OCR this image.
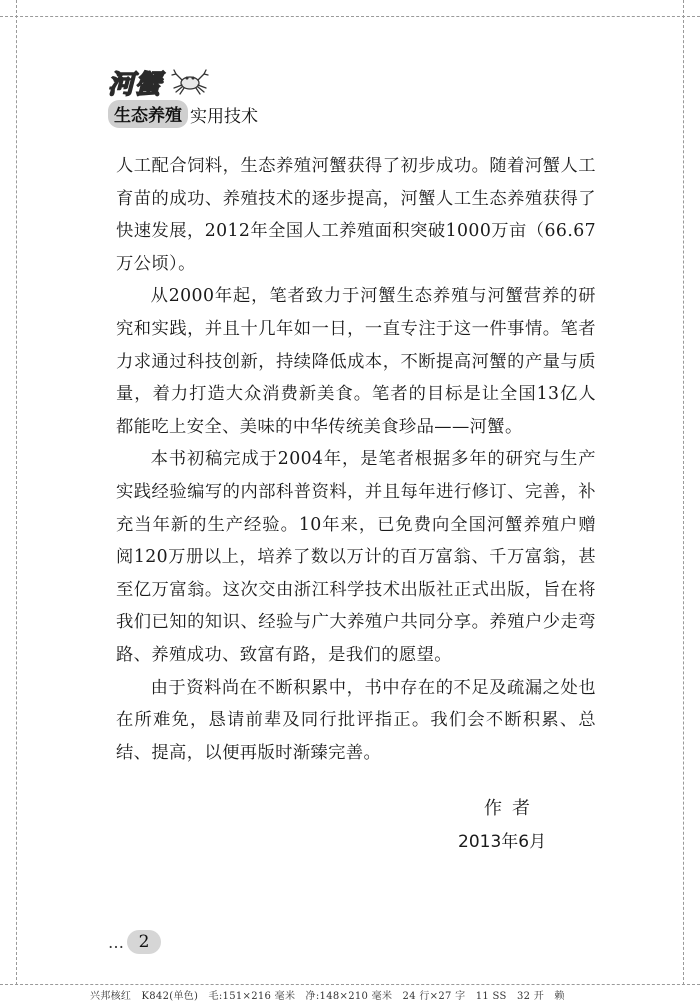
河蟹
生态养殖 实用技术

人工配合饲料，生态养殖河蟹获得了初步成功。随着河蟹人工育苗的成功、养殖技术的逐步提高，河蟹人工生态养殖获得了快速发展，2012年全国人工养殖面积突破1000万亩（66.67万公顷）。

从2000年起，笔者致力于河蟹生态养殖与河蟹营养的研究和实践，并且十几年如一日，一直专注于这一件事情。笔者力求通过科技创新，持续降低成本，不断提高河蟹的产量与质量，着力打造大众消费新美食。笔者的目标是让全国13亿人都能吃上安全、美味的中华传统美食珍品——河蟹。

本书初稿完成于2004年，是笔者根据多年的研究与生产实践经验编写的内部科普资料，并且每年进行修订、完善，补充当年新的生产经验。10年来，已免费向全国河蟹养殖户赠阅120万册以上，培养了数以万计的百万富翁、千万富翁，甚至亿万富翁。这次交由浙江科学技术出版社正式出版，旨在将我们已知的知识、经验与广大养殖户共同分享。养殖户少走弯路、养殖成功、致富有路，是我们的愿望。

由于资料尚在不断积累中，书中存在的不足及疏漏之处也在所难免，恳请前辈及同行批评指正。我们会不断积累、总结、提高，以便再版时渐臻完善。

作者
2013年6月
… 2
兴邦核红　K842(单色)　毛:151×216 毫米　净:148×210 毫米　24 行×27 字　11 SS　32 开　赖
